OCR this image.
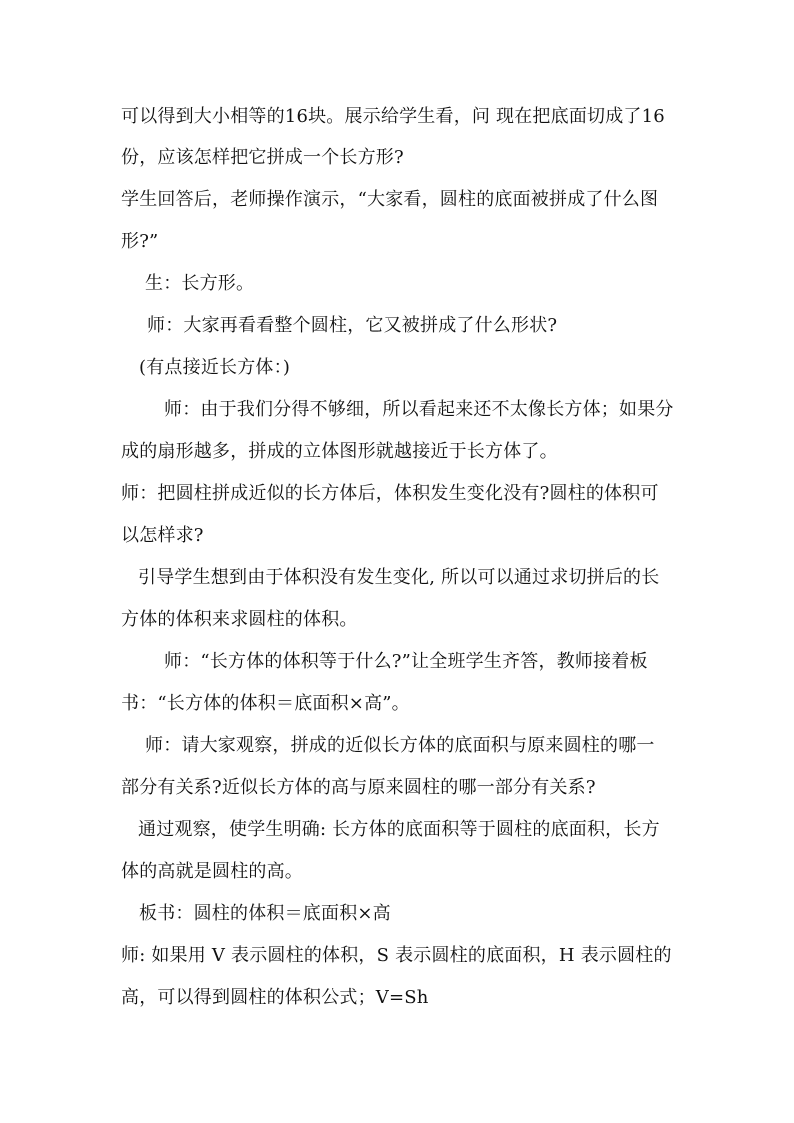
可以得到大小相等的16块。展示给学生看，问 现在把底面切成了16
份，应该怎样把它拼成一个长方形?
学生回答后，老师操作演示，“大家看，圆柱的底面被拼成了什么图
形?”
生：长方形。
师：大家再看看整个圆柱，它又被拼成了什么形状?
(有点接近长方体：)
师：由于我们分得不够细，所以看起来还不太像长方体；如果分
成的扇形越多，拼成的立体图形就越接近于长方体了。
师：把圆柱拼成近似的长方体后，体积发生变化没有?圆柱的体积可
以怎样求?
引导学生想到由于体积没有发生变化, 所以可以通过求切拼后的长
方体的体积来求圆柱的体积。
师：“长方体的体积等于什么?”让全班学生齐答，教师接着板
书：“长方体的体积＝底面积×高”。
师：请大家观察，拼成的近似长方体的底面积与原来圆柱的哪一
部分有关系?近似长方体的高与原来圆柱的哪一部分有关系?
通过观察，使学生明确: 长方体的底面积等于圆柱的底面积，长方
体的高就是圆柱的高。
板书：圆柱的体积＝底面积×高
师: 如果用 V 表示圆柱的体积，S 表示圆柱的底面积，H 表示圆柱的
高，可以得到圆柱的体积公式；V=Sh
